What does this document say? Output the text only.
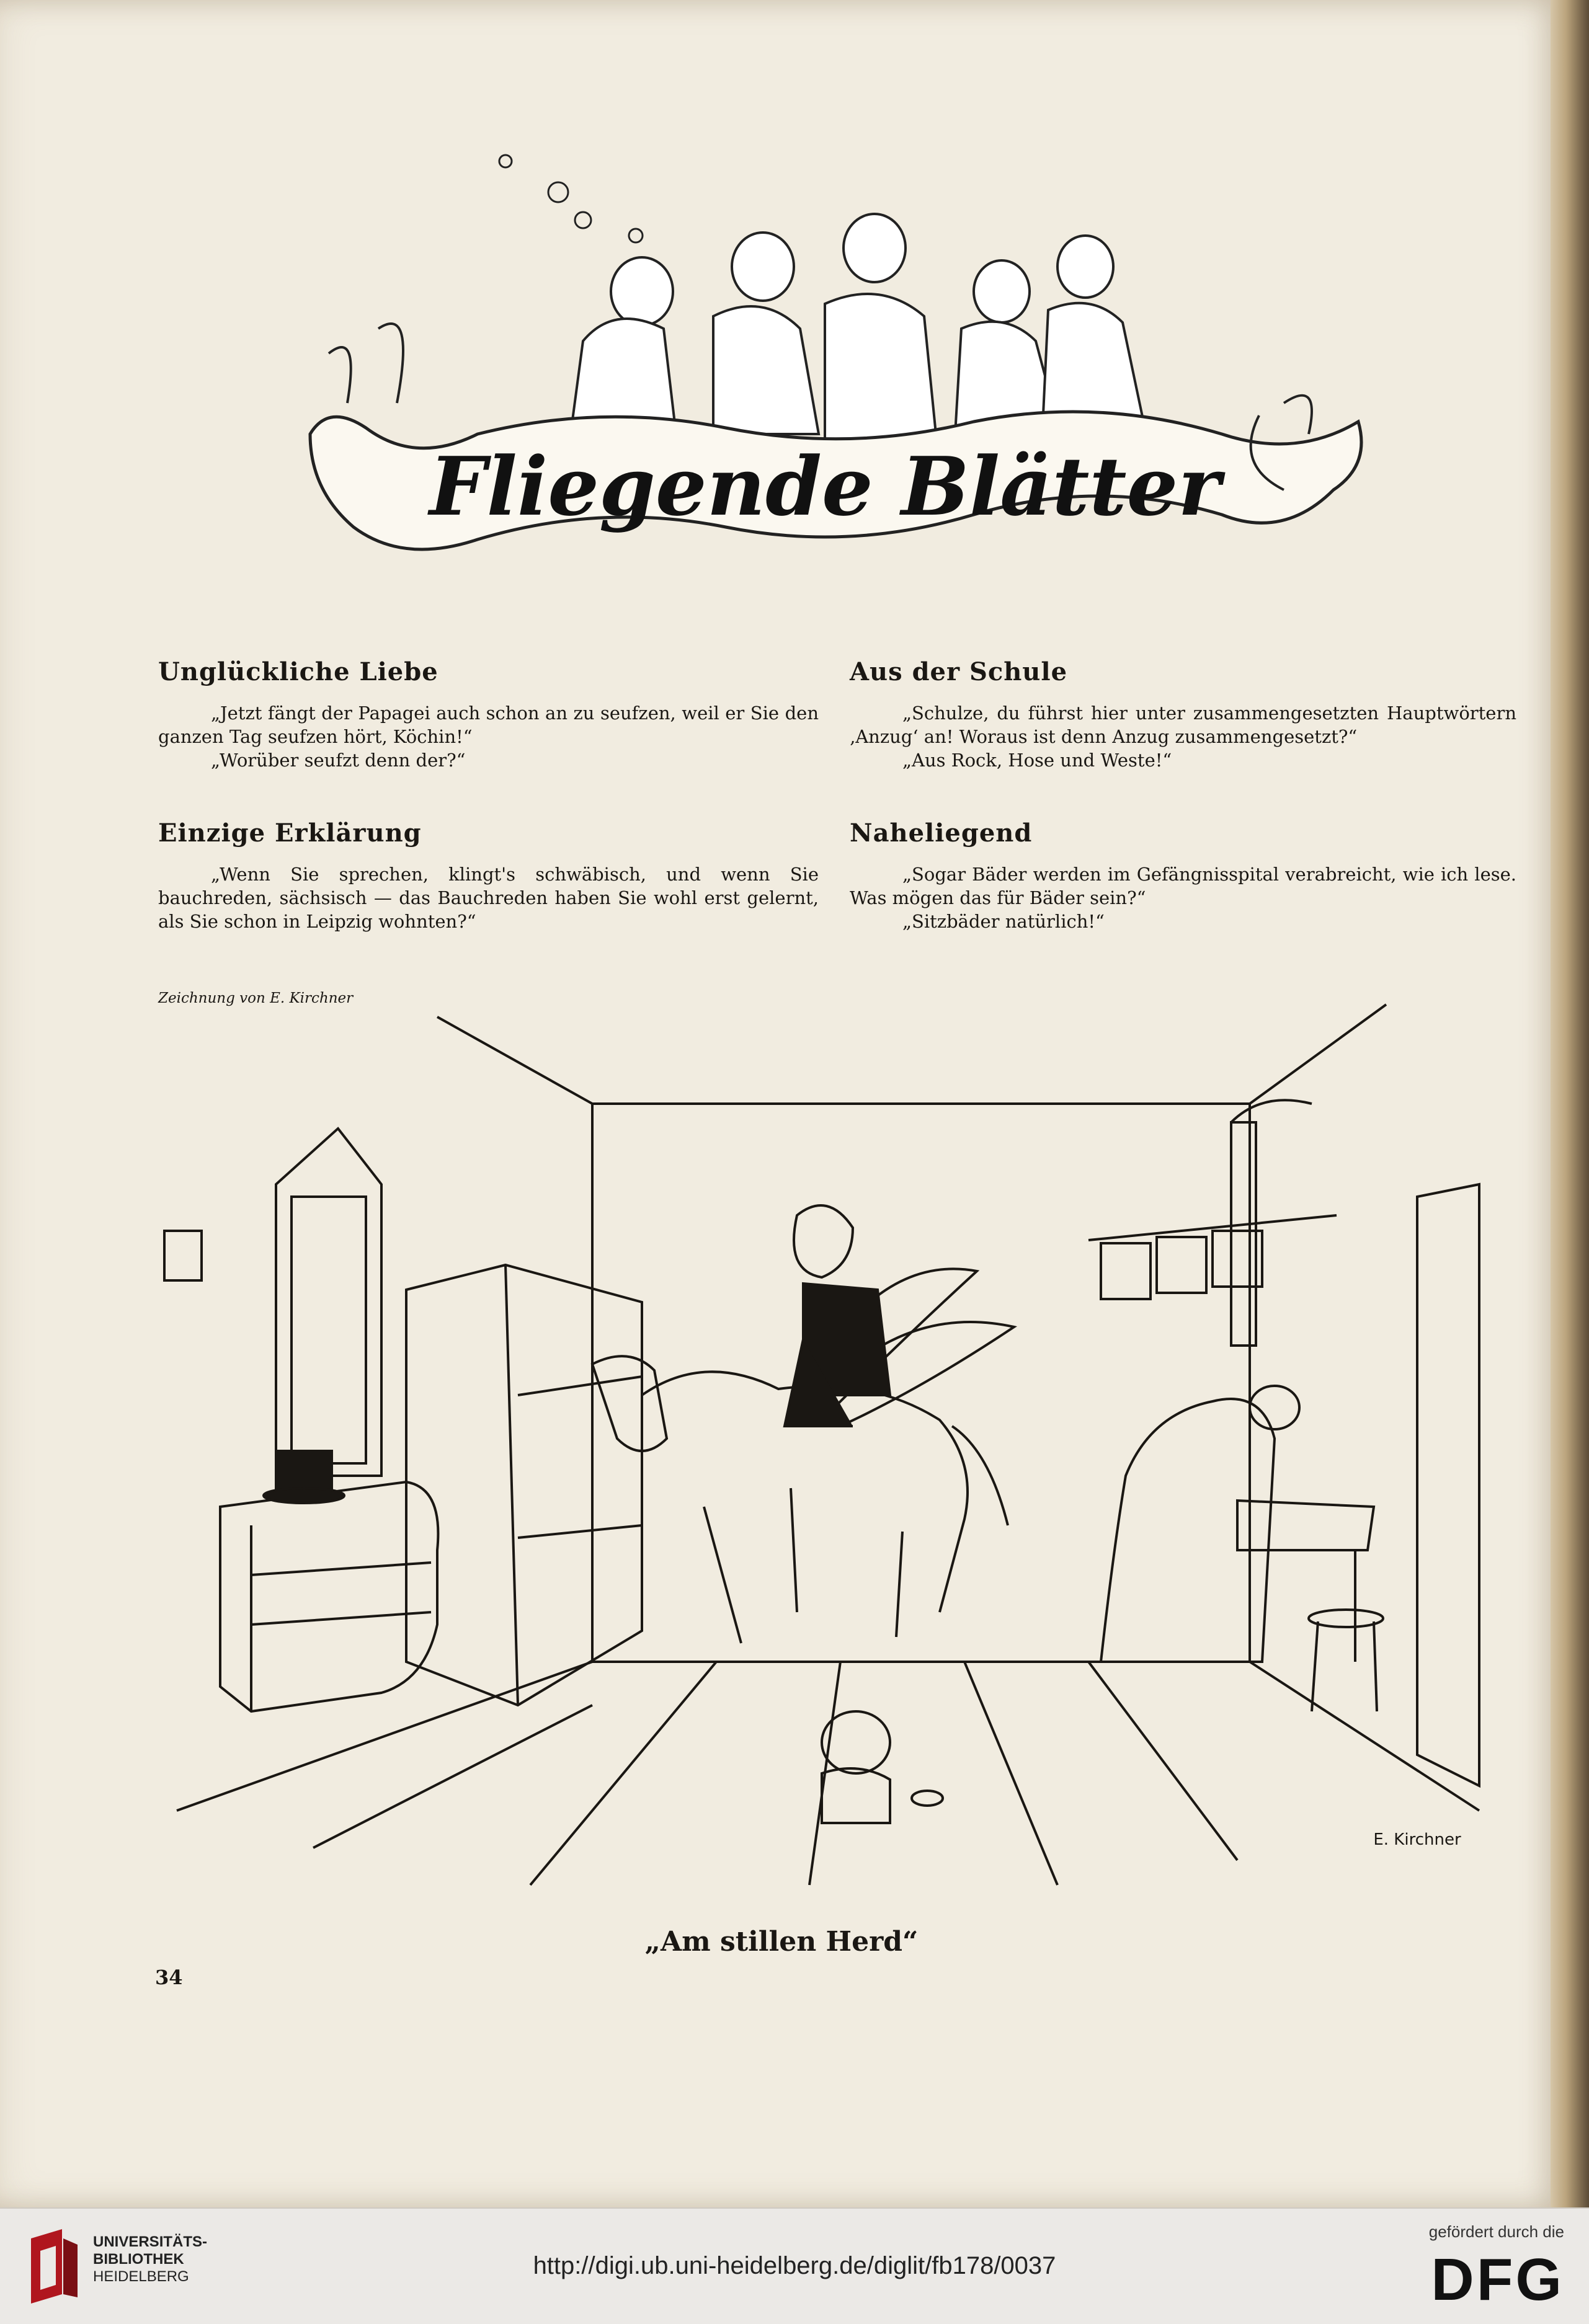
Fliegende Blätter
Unglückliche Liebe

„Jetzt fängt der Papagei auch schon an zu seufzen, weil er Sie den ganzen Tag seufzen hört, Köchin!“

„Worüber seufzt denn der?“

Einzige Erklärung

„Wenn Sie sprechen, klingt's schwäbisch, und wenn Sie bauchreden, sächsisch — das Bauchreden haben Sie wohl erst gelernt, als Sie schon in Leipzig wohnten?“

Aus der Schule

„Schulze, du führst hier unter zusammengesetzten Hauptwörtern ‚Anzug‘ an! Woraus ist denn Anzug zusammengesetzt?“

„Aus Rock, Hose und Weste!“

Naheliegend

„Sogar Bäder werden im Gefängnisspital verabreicht, wie ich lese. Was mögen das für Bäder sein?“

„Sitzbäder natürlich!“

Zeichnung von E. Kirchner
E. Kirchner
„Am stillen Herd“
34
UNIVERSITÄTS-
BIBLIOTHEK
HEIDELBERG	http://digi.ub.uni-heidelberg.de/diglit/fb178/0037
gefördert durch die
DFG
